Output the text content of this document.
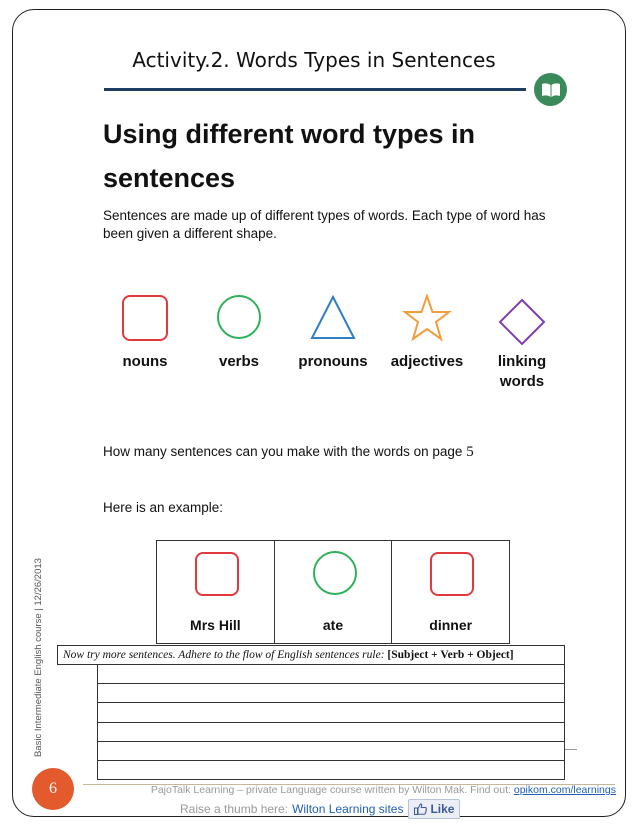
Activity.2. Words Types in Sentences
Using different word types in
sentences
Sentences are made up of different types of words. Each type of word has been given a different shape.
nouns	verbs	pronouns	adjectives	linking words
How many sentences can you make with the words on page 5
Here is an example:
Mrs Hill	ate	dinner
Now try more sentences. Adhere to the flow of English sentences rule: [Subject + Verb + Object]
Basic Intermediate English course | 12/26/2013
6	PajoTalk Learning – private Language course written by Wilton Mak. Find out: opikom.com/learnings
Raise a thumb here: Wilton Learning sites Like
